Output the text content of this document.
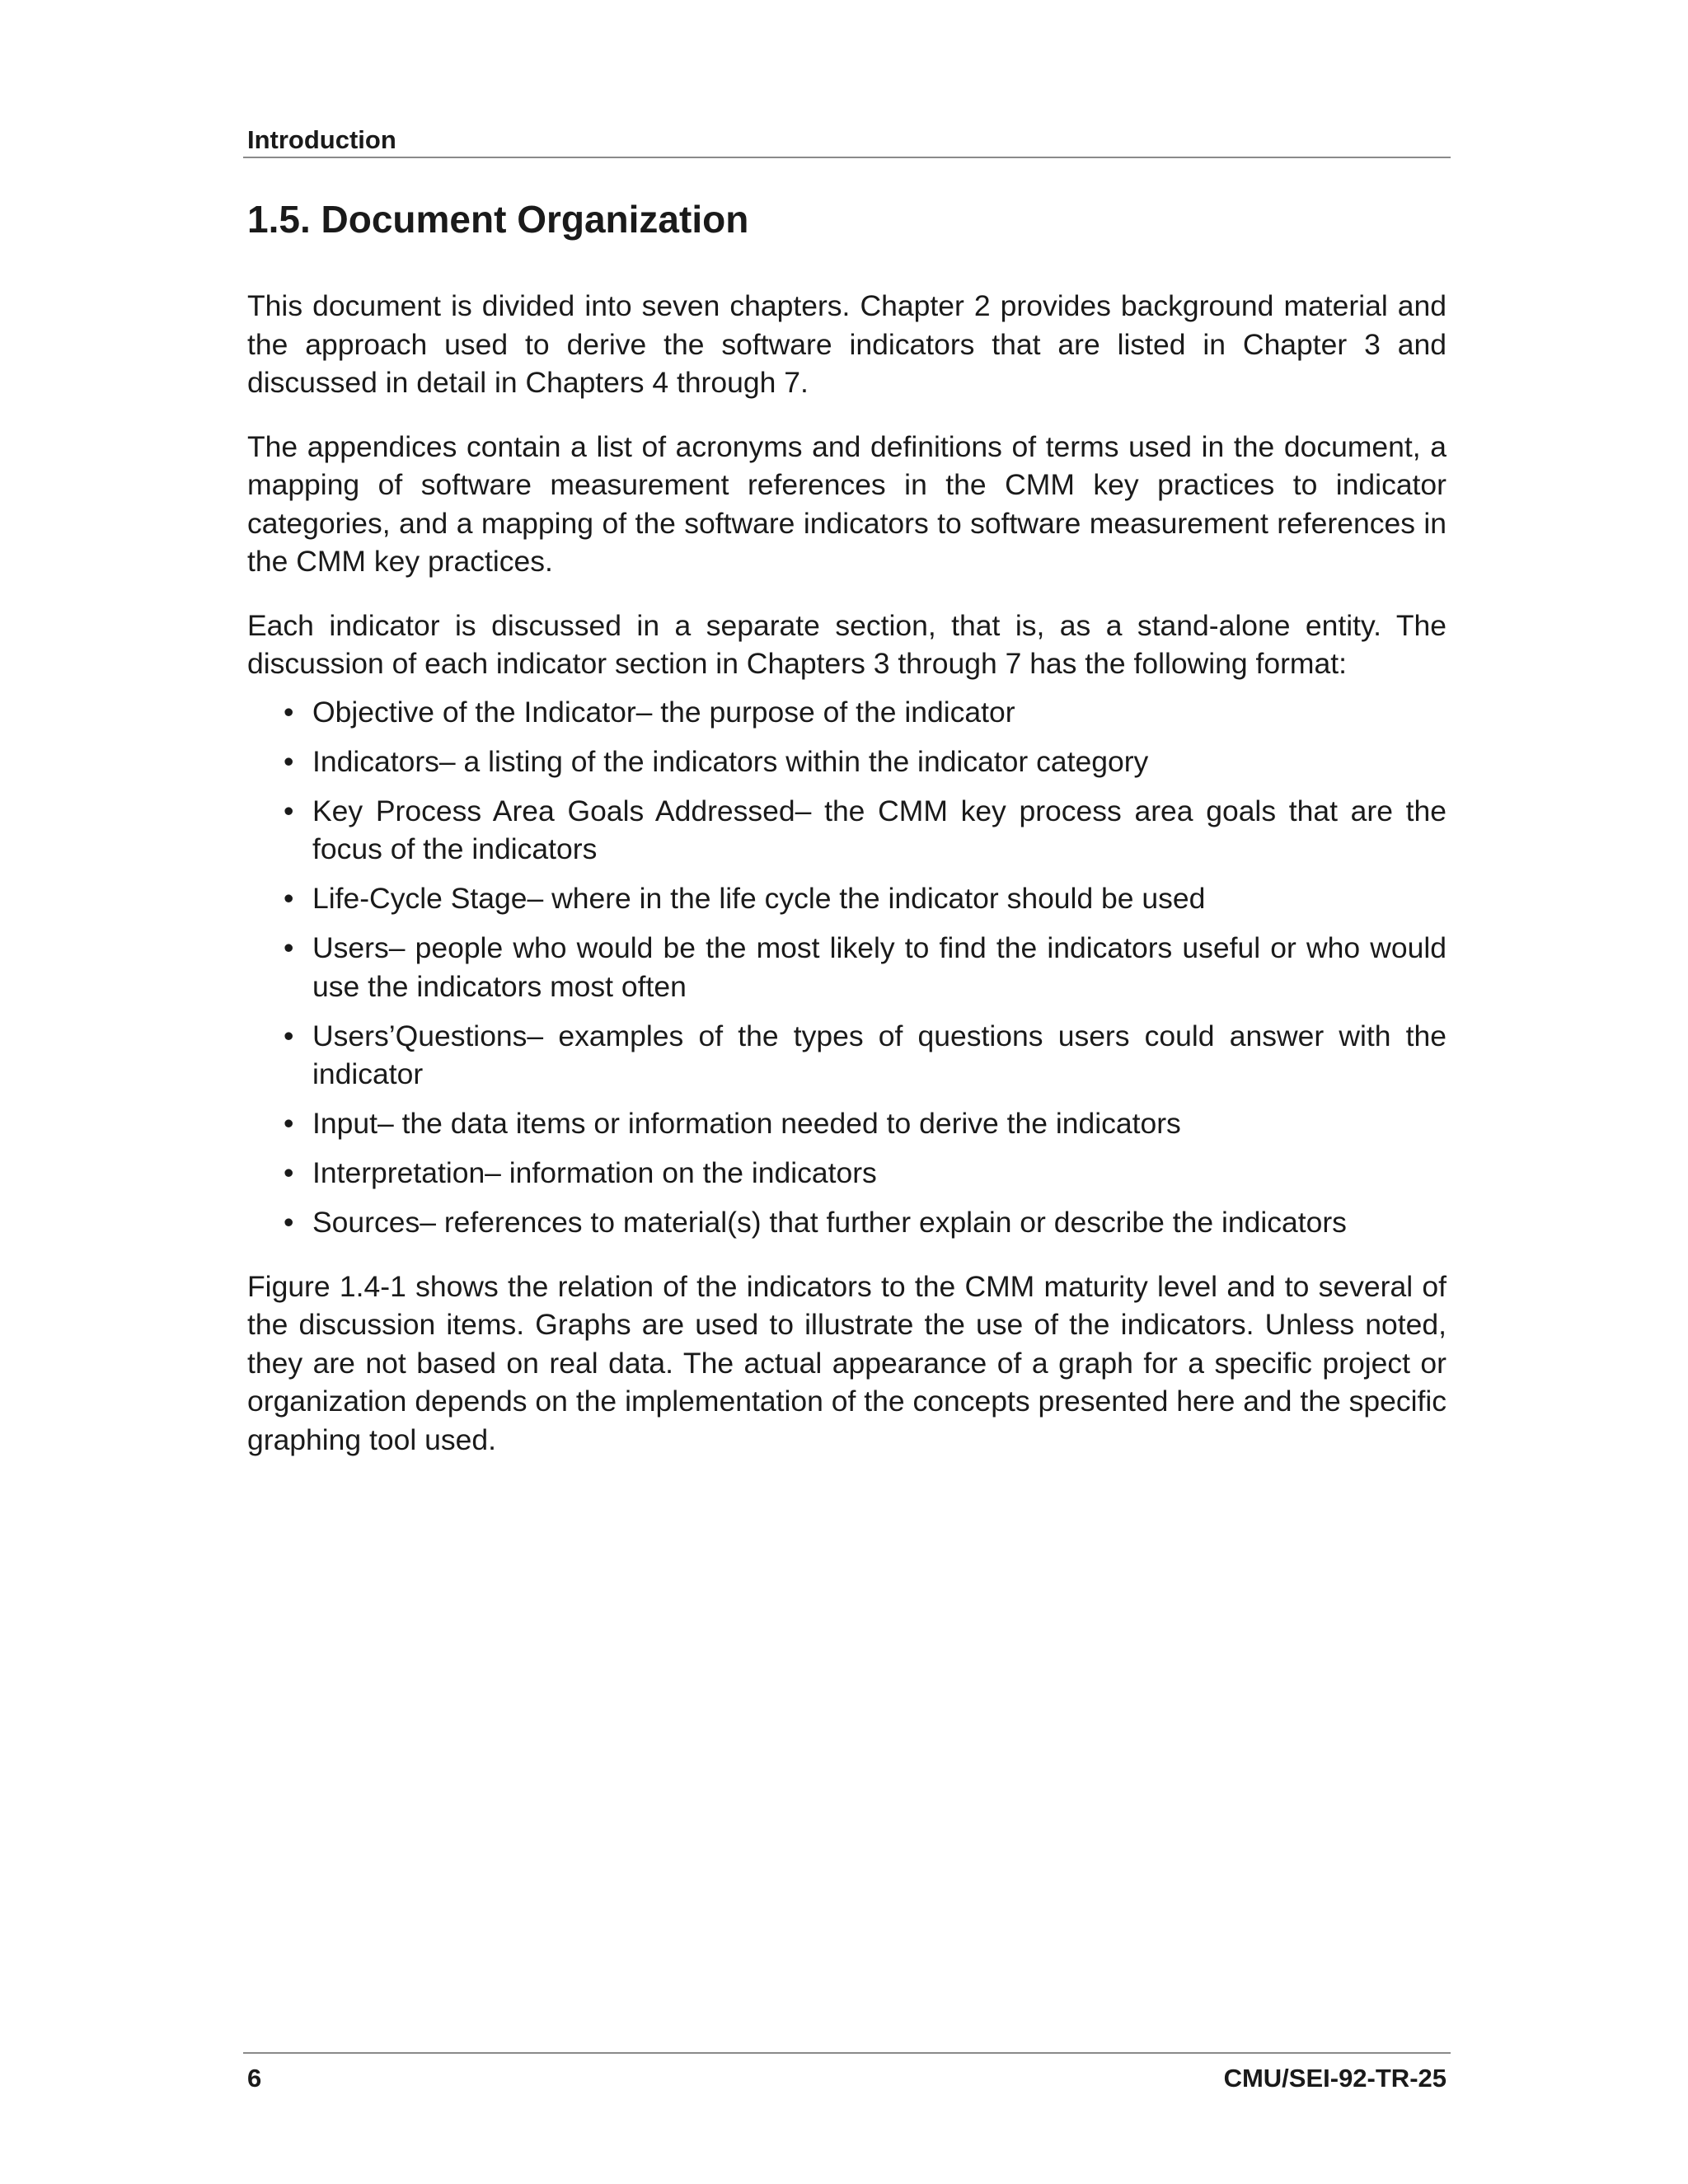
Introduction
1.5. Document Organization

This document is divided into seven chapters. Chapter 2 provides background material and the approach used to derive the software indicators that are listed in Chapter 3 and discussed in detail in Chapters 4 through 7.

The appendices contain a list of acronyms and definitions of terms used in the document, a mapping of software measurement references in the CMM key practices to indicator categories, and a mapping of the software indicators to software measurement references in the CMM key practices.

Each indicator is discussed in a separate section, that is, as a stand-alone entity. The discussion of each indicator section in Chapters 3 through 7 has the following format:

• Objective of the Indicator– the purpose of the indicator
• Indicators– a listing of the indicators within the indicator category
• Key Process Area Goals Addressed– the CMM key process area goals that are the focus of the indicators
• Life-Cycle Stage– where in the life cycle the indicator should be used
• Users– people who would be the most likely to find the indicators useful or who would use the indicators most often
• Users’Questions– examples of the types of questions users could answer with the indicator
• Input– the data items or information needed to derive the indicators
• Interpretation– information on the indicators
• Sources– references to material(s) that further explain or describe the indicators

Figure 1.4-1 shows the relation of the indicators to the CMM maturity level and to several of the discussion items. Graphs are used to illustrate the use of the indicators. Unless noted, they are not based on real data. The actual appearance of a graph for a specific project or organization depends on the implementation of the concepts presented here and the specific graphing tool used.

6	CMU/SEI-92-TR-25
